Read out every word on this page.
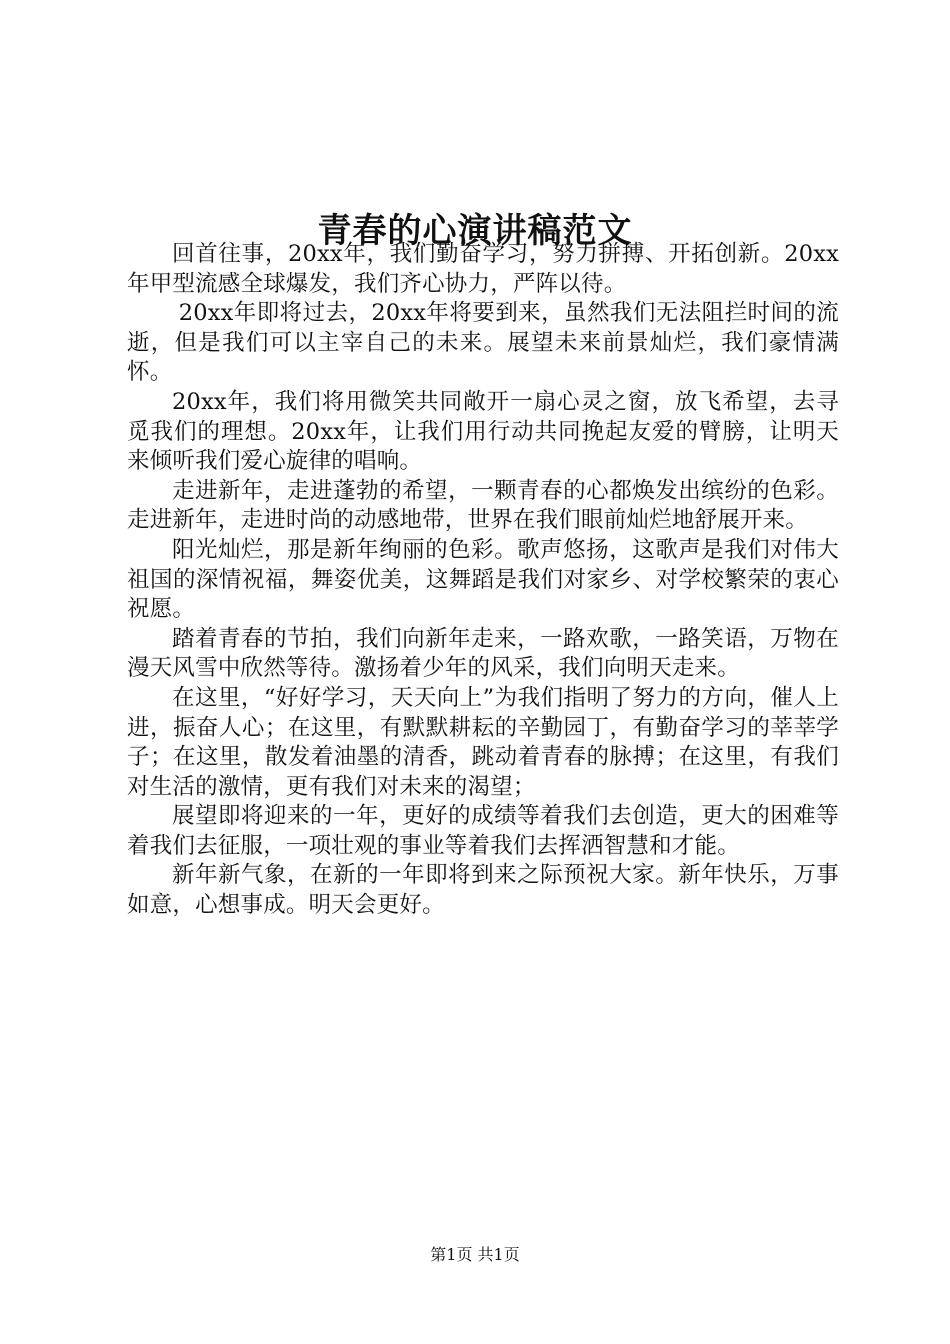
青春的心演讲稿范文

回首往事，20xx年，我们勤奋学习，努力拼搏、开拓创新。20xx年甲型流感全球爆发，我们齐心协力，严阵以待。

20xx年即将过去，20xx年将要到来，虽然我们无法阻拦时间的流逝，但是我们可以主宰自己的未来。展望未来前景灿烂，我们豪情满怀。

20xx年，我们将用微笑共同敞开一扇心灵之窗，放飞希望，去寻觅我们的理想。20xx年，让我们用行动共同挽起友爱的臂膀，让明天来倾听我们爱心旋律的唱响。

走进新年，走进蓬勃的希望，一颗青春的心都焕发出缤纷的色彩。走进新年，走进时尚的动感地带，世界在我们眼前灿烂地舒展开来。

阳光灿烂，那是新年绚丽的色彩。歌声悠扬，这歌声是我们对伟大祖国的深情祝福，舞姿优美，这舞蹈是我们对家乡、对学校繁荣的衷心祝愿。

踏着青春的节拍，我们向新年走来，一路欢歌，一路笑语，万物在漫天风雪中欣然等待。激扬着少年的风采，我们向明天走来。

在这里，“好好学习，天天向上”为我们指明了努力的方向，催人上进，振奋人心；在这里，有默默耕耘的辛勤园丁，有勤奋学习的莘莘学子；在这里，散发着油墨的清香，跳动着青春的脉搏；在这里，有我们对生活的激情，更有我们对未来的渴望；

展望即将迎来的一年，更好的成绩等着我们去创造，更大的困难等着我们去征服，一项壮观的事业等着我们去挥洒智慧和才能。

新年新气象，在新的一年即将到来之际预祝大家。新年快乐，万事如意，心想事成。明天会更好。

第1页 共1页
